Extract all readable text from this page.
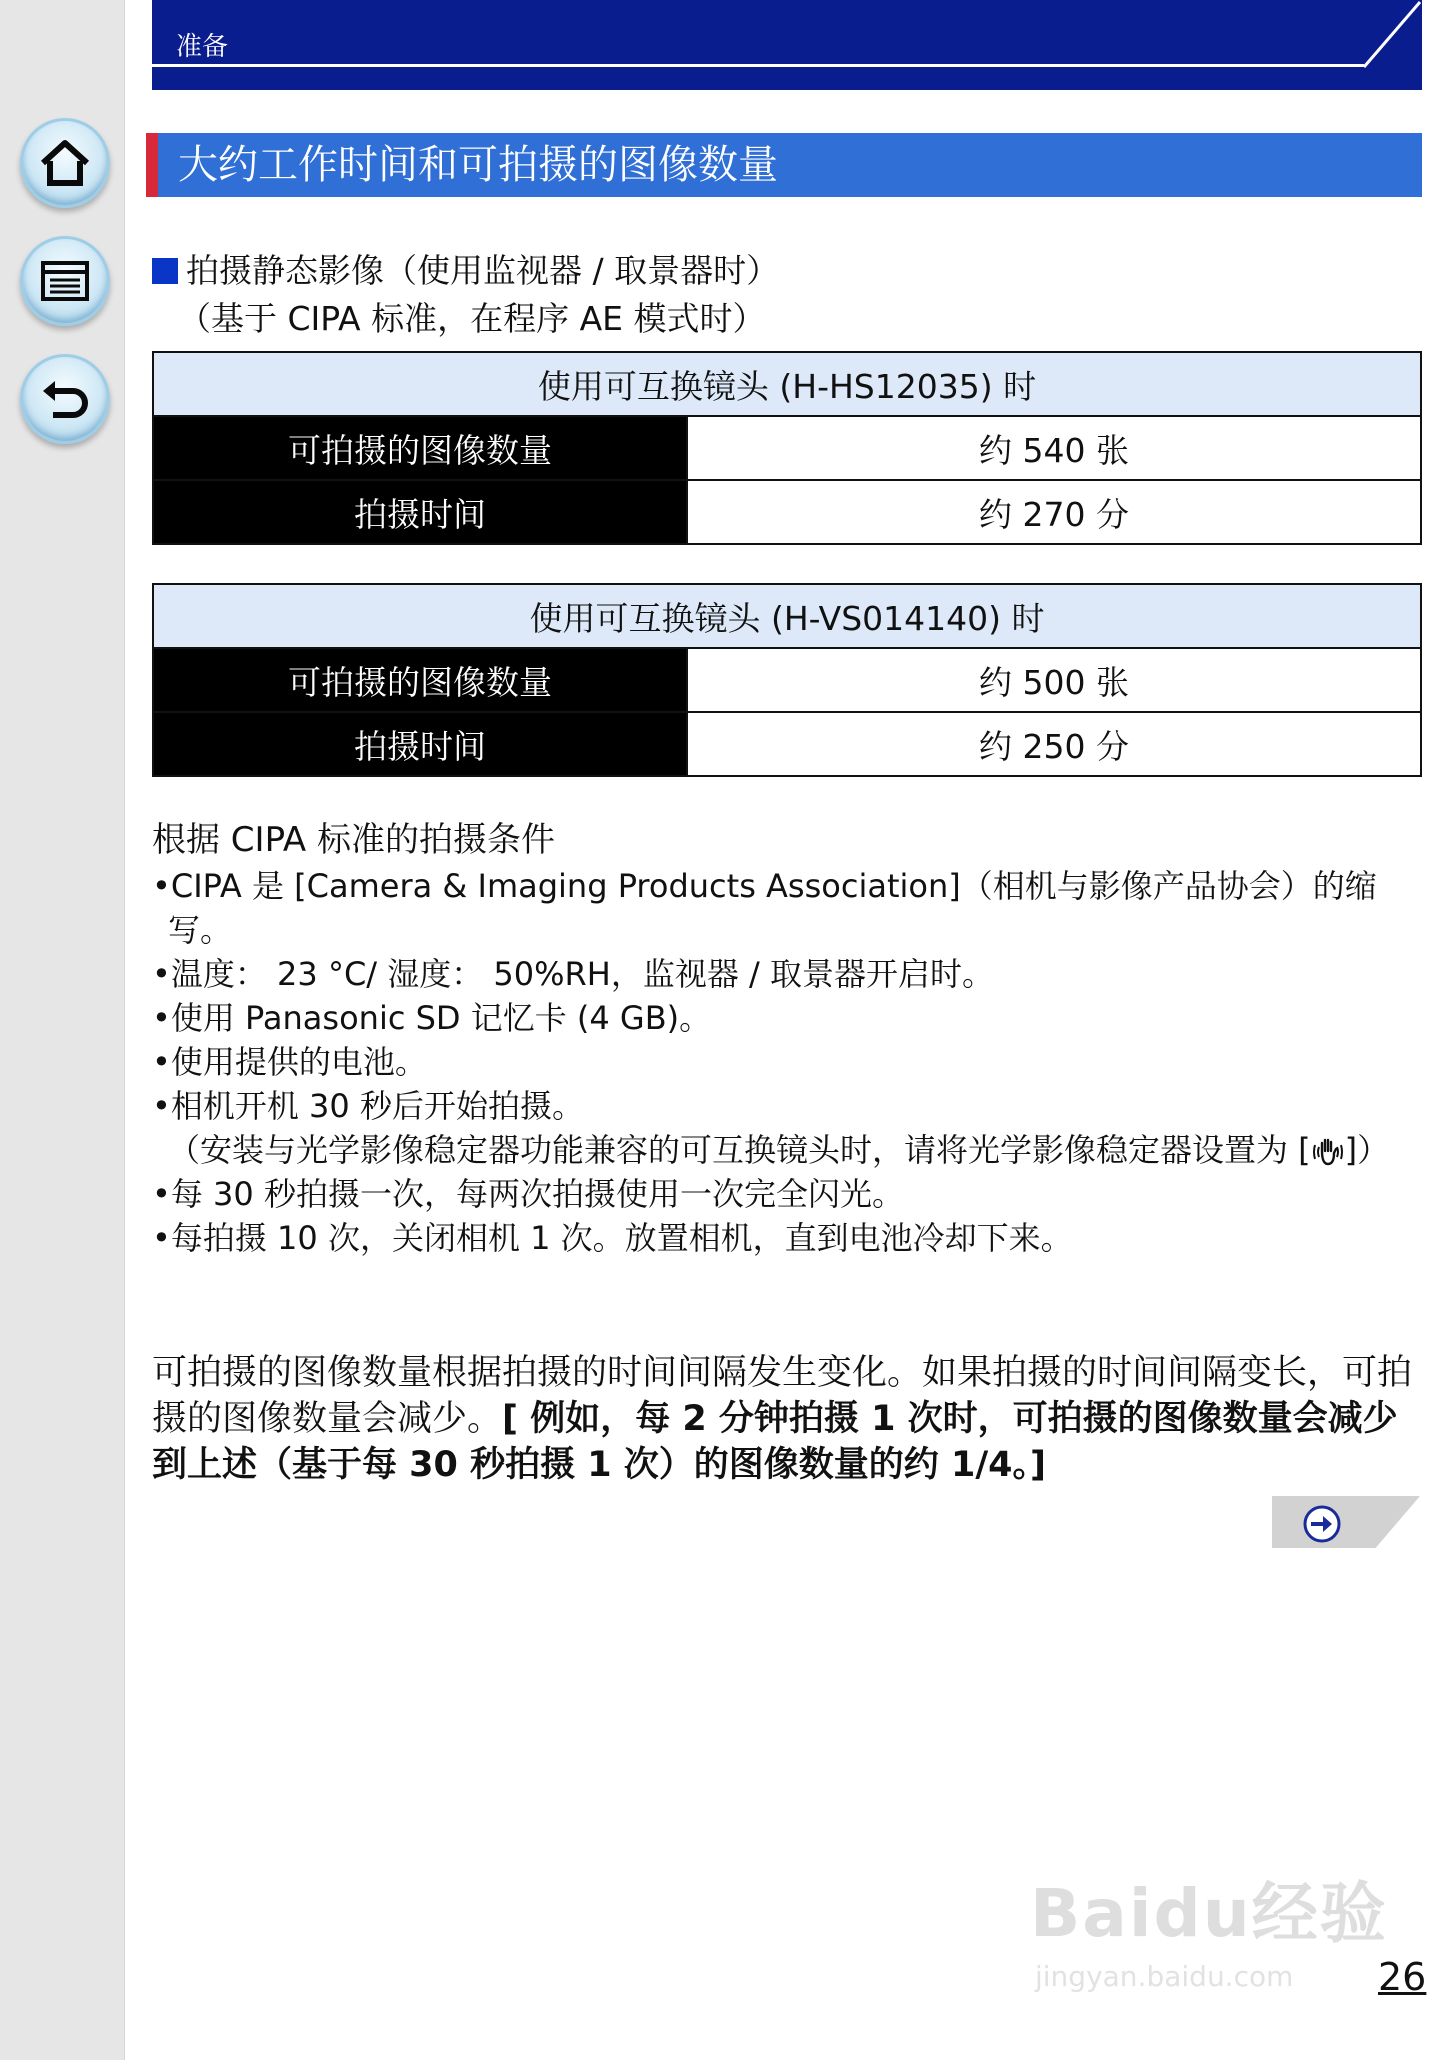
准备
大约工作时间和可拍摄的图像数量
拍摄静态影像（使用监视器 / 取景器时）
（基于 CIPA 标准，在程序 AE 模式时）
使用可互换镜头 (H-HS12035) 时	
可拍摄的图像数量	约 540 张
拍摄时间	约 270 分
使用可互换镜头 (H-VS014140) 时	
可拍摄的图像数量	约 500 张
拍摄时间	约 250 分

根据 CIPA 标准的拍摄条件

•CIPA 是 [Camera & Imaging Products Association]（相机与影像产品协会）的缩写。

•温度： 23 °C/ 湿度： 50%RH，监视器 / 取景器开启时。

•使用 Panasonic SD 记忆卡 (4 GB)。

•使用提供的电池。

•相机开机 30 秒后开始拍摄。

（安装与光学影像稳定器功能兼容的可互换镜头时，请将光学影像稳定器设置为 [ ]）

•每 30 秒拍摄一次，每两次拍摄使用一次完全闪光。

•每拍摄 10 次，关闭相机 1 次。放置相机，直到电池冷却下来。

可拍摄的图像数量根据拍摄的时间间隔发生变化。如果拍摄的时间间隔变长，可拍摄的图像数量会减少。[ 例如，每 2 分钟拍摄 1 次时，可拍摄的图像数量会减少到上述（基于每 30 秒拍摄 1 次）的图像数量的约 1/4。]
Baidu经验
jingyan.baidu.com 26
